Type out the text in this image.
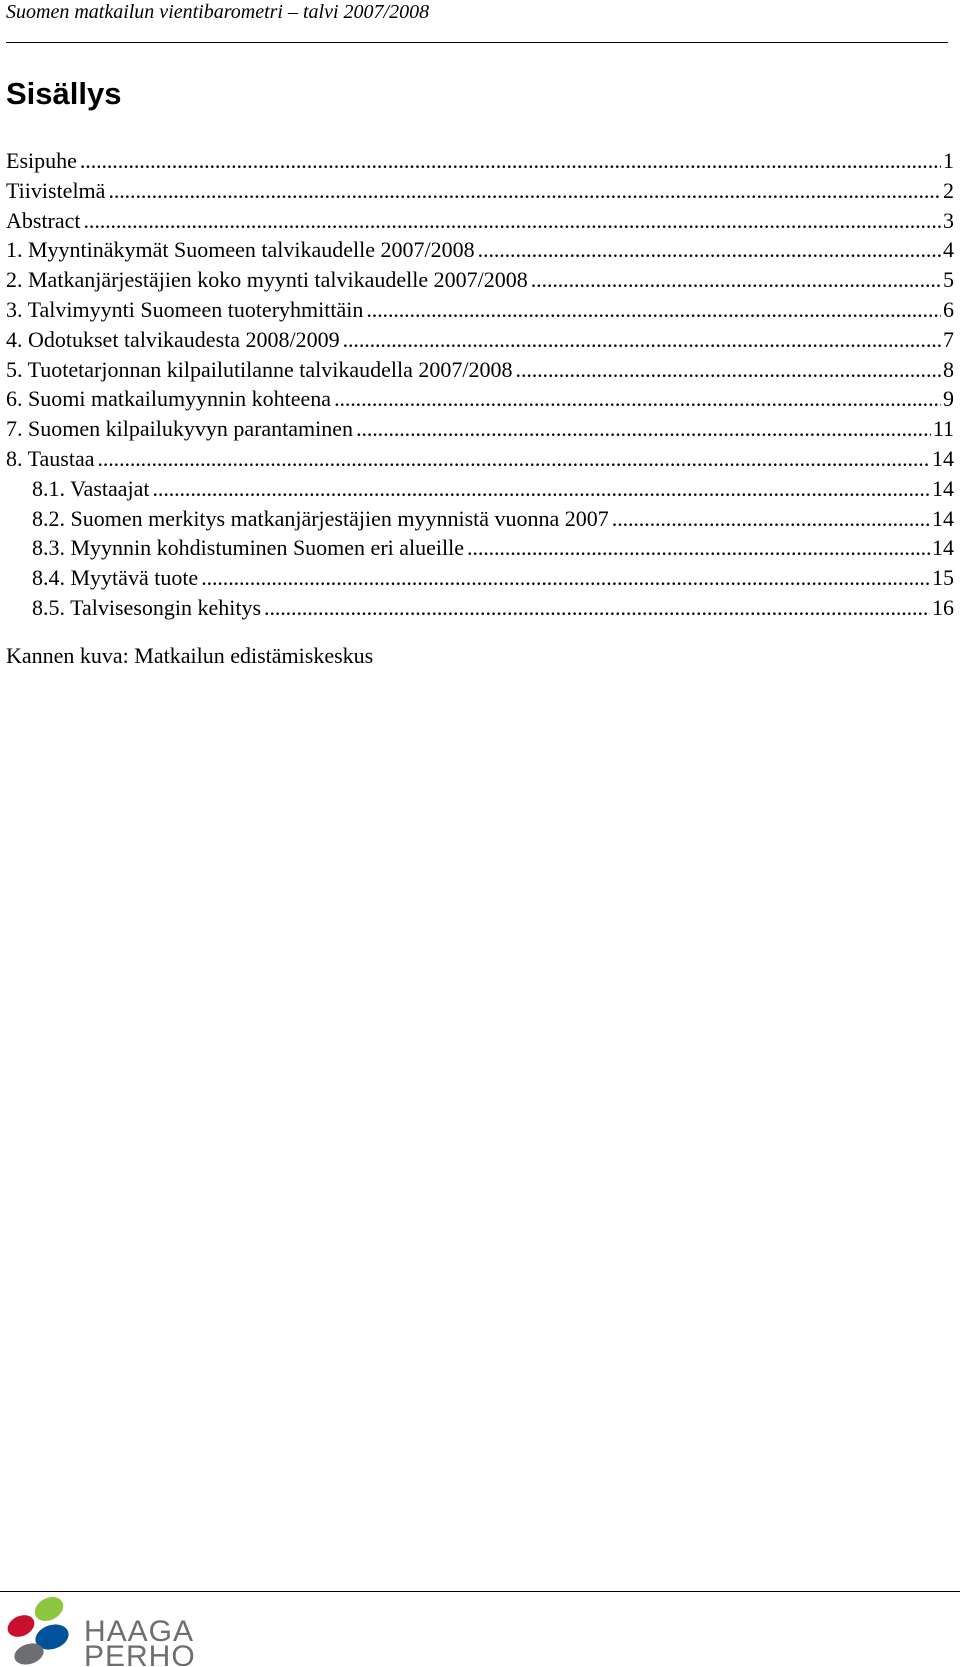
Suomen matkailun vientibarometri – talvi 2007/2008
Sisällys
Esipuhe . . .	1
Tiivistelmä . . .	2
Abstract . . .	3
1. Myyntinäkymät Suomeen talvikaudelle 2007/2008 . . .	4
2. Matkanjärjestäjien koko myynti talvikaudelle 2007/2008 . . .	5
3. Talvimyynti Suomeen tuoteryhmittäin . . .	6
4. Odotukset talvikaudesta 2008/2009 . . .	7
5. Tuotetarjonnan kilpailutilanne talvikaudella 2007/2008 . . .	8
6. Suomi matkailumyynnin kohteena . . .	9
7. Suomen kilpailukyvyn parantaminen . . .	11
8. Taustaa . . .	14
8.1. Vastaajat . . .	14
8.2. Suomen merkitys matkanjärjestäjien myynnistä vuonna 2007 . . .	14
8.3. Myynnin kohdistuminen Suomen eri alueille . . .	14
8.4. Myytävä tuote . . .	15
8.5. Talvisesongin kehitys . . .	16
Kannen kuva: Matkailun edistämiskeskus
HAAGA
PERHO
